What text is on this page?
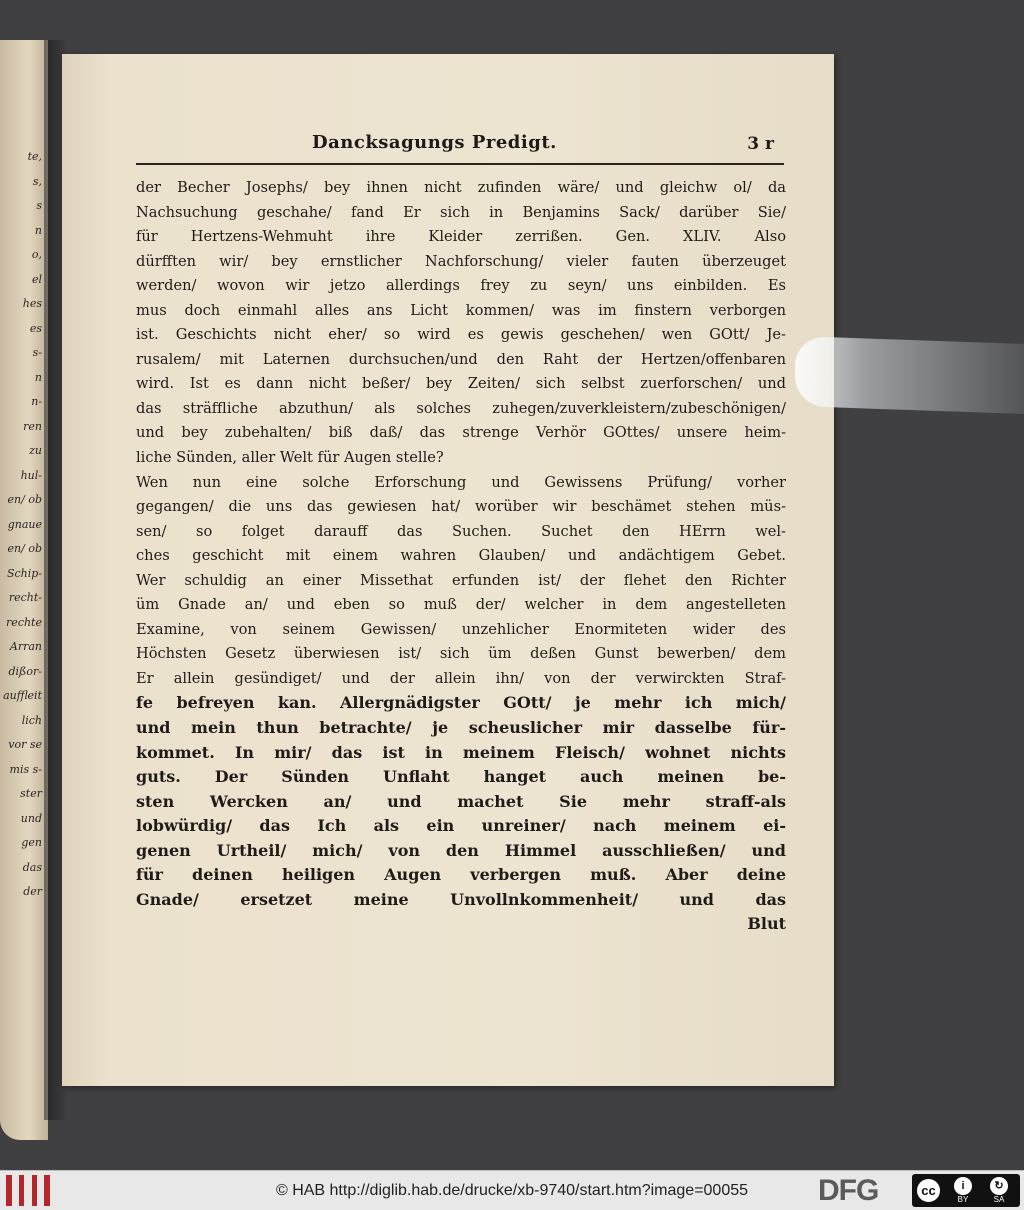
te,
s,
s
n
o,
el
hes
es
s-
n
n-
ren
zu
hul-
en/ ob
gnaue
en/ ob
Schip-
recht-
rechte
Arran
dißor-
auffleit
lich vor se
mis s-
ster und
gen das
der
Dancksagungs Predigt.	3 r
der Becher Josephs/ bey ihnen nicht zufinden wäre/ und gleichw ol/ da
Nachsuchung geschahe/ fand Er sich in Benjamins Sack/ darüber Sie/
für Hertzens-Wehmuht ihre Kleider zerrißen. Gen. XLIV. Also
dürfften wir/ bey ernstlicher Nachforschung/ vieler fauten überzeuget
werden/ wovon wir jetzo allerdings frey zu seyn/ uns einbilden. Es
mus doch einmahl alles ans Licht kommen/ was im finstern verborgen
ist. Geschichts nicht eher/ so wird es gewis geschehen/ wen GOtt/ Je-
rusalem/ mit Laternen durchsuchen/und den Raht der Hertzen/offenbaren
wird. Ist es dann nicht beßer/ bey Zeiten/ sich selbst zuerforschen/ und
das sträffliche abzuthun/ als solches zuhegen/zuverkleistern/zubeschönigen/
und bey zubehalten/ biß daß/ das strenge Verhör GOttes/ unsere heim-
liche Sünden, aller Welt für Augen stelle?
Wen nun eine solche Erforschung und Gewissens Prüfung/ vorher
gegangen/ die uns das gewiesen hat/ worüber wir beschämet stehen müs-
sen/ so folget darauff das Suchen. Suchet den HErrn wel-
ches geschicht mit einem wahren Glauben/ und andächtigem Gebet.
Wer schuldig an einer Missethat erfunden ist/ der flehet den Richter
üm Gnade an/ und eben so muß der/ welcher in dem angestelleten
Examine, von seinem Gewissen/ unzehlicher Enormiteten wider des
Höchsten Gesetz überwiesen ist/ sich üm deßen Gunst bewerben/ dem
Er allein gesündiget/ und der allein ihn/ von der verwirckten Straf-
fe befreyen kan. Allergnädigster GOtt/ je mehr ich mich/
und mein thun betrachte/ je scheuslicher mir dasselbe für-
kommet. In mir/ das ist in meinem Fleisch/ wohnet nichts
guts. Der Sünden Unflaht hanget auch meinen be-
sten Wercken an/ und machet Sie mehr straff-als
lobwürdig/ das Ich als ein unreiner/ nach meinem ei-
genen Urtheil/ mich/ von den Himmel ausschließen/ und
für deinen heiligen Augen verbergen muß. Aber deine
Gnade/ ersetzet meine Unvollnkommenheit/ und das
Blut
© HAB http://diglib.hab.de/drucke/xb-9740/start.htm?image=00055	DFG	cc	i
BY
↻
SA
